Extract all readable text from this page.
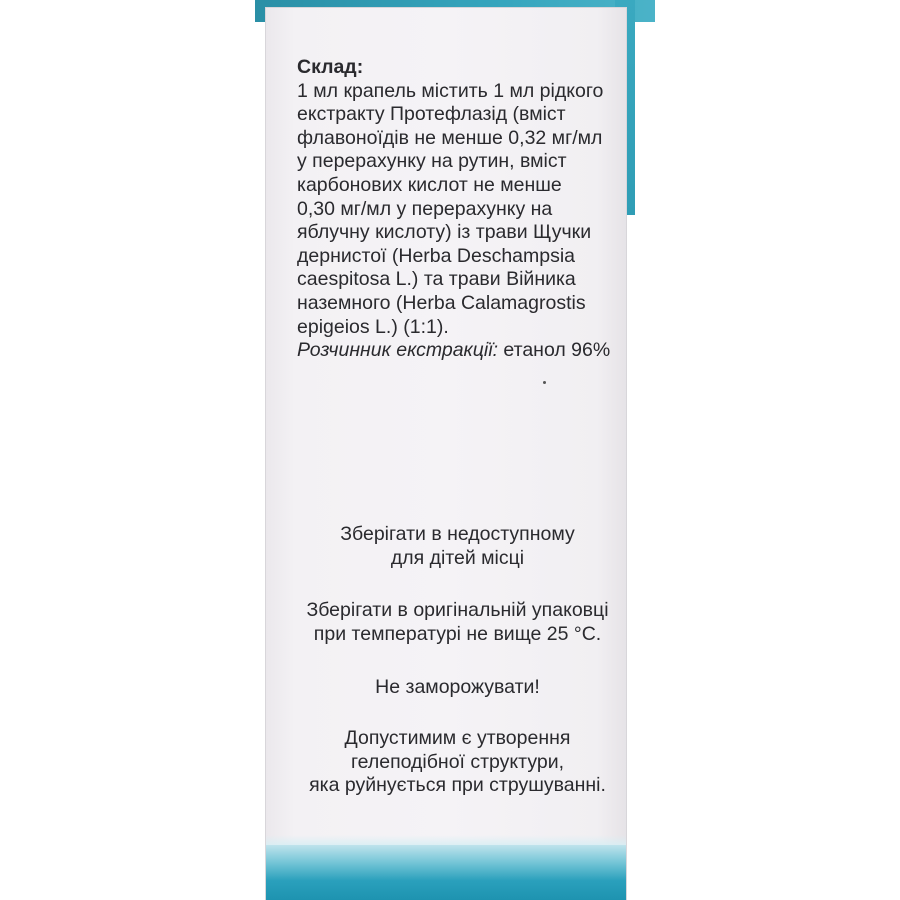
Склад:
1 мл крапель містить 1 мл рідкого
екстракту Протефлазід (вміст
флавоноїдів не менше 0,32 мг/мл
у перерахунку на рутин, вміст
карбонових кислот не менше
0,30 мг/мл у перерахунку на
яблучну кислоту) із трави Щучки
дернистої (Herba Deschampsia
caespitosa L.) та трави Війника
наземного (Herba Calamagrostis
epigeios L.) (1:1).
Розчинник екстракції: етанол 96%
Зберігати в недоступному
для дітей місці
Зберігати в оригінальній упаковці
при температурі не вище 25 °С.
Не заморожувати!
Допустимим є утворення
гелеподібної структури,
яка руйнується при струшуванні.
